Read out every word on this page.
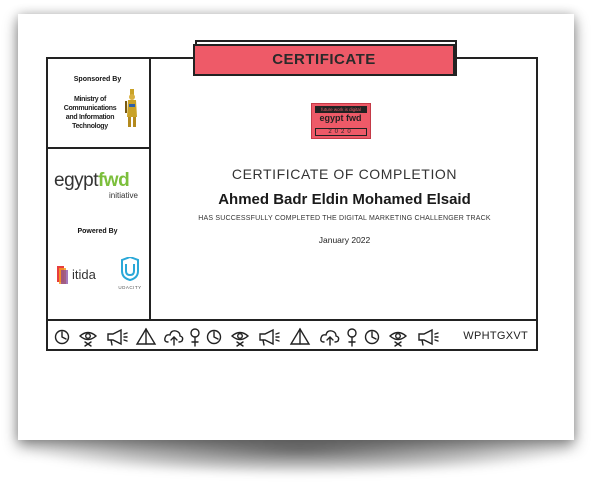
Sponsored By
Ministry of Communications
and Information Technology
egyptfwd
initiative
Powered By
itida
UDACITY
CERTIFICATE
future work is digital
egypt fwd
2020
CERTIFICATE OF COMPLETION
Ahmed Badr Eldin Mohamed Elsaid
HAS SUCCESSFULLY COMPLETED THE DIGITAL MARKETING CHALLENGER TRACK
January 2022
WPHTGXVT
